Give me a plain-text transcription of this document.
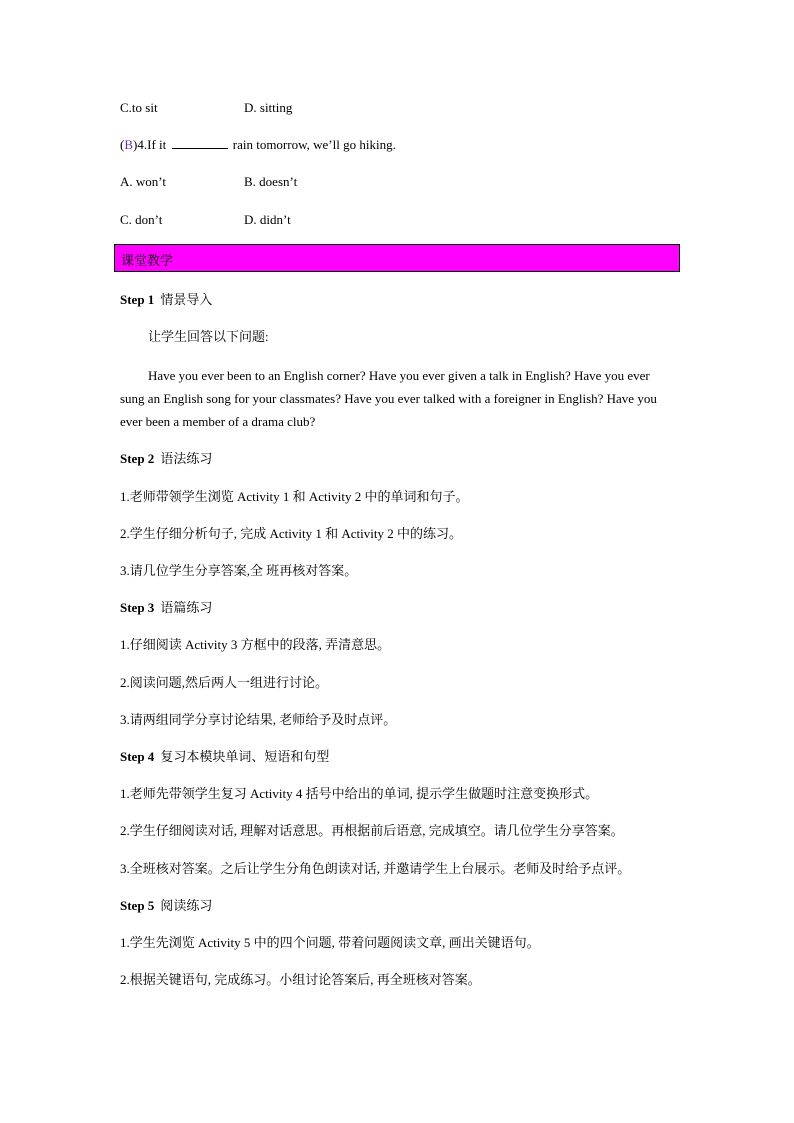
C.to sit	D. sitting
(B)4.If it	rain tomorrow, we’ll go hiking.
A. won’t	B. doesn’t
C. don’t	D. didn’t
课堂教学
Step 1 情景导入
让学生回答以下问题:
Have you ever been to an English corner? Have you ever given a talk in English? Have you ever sung an English song for your classmates? Have you ever talked with a foreigner in English? Have you ever been a member of a drama club?
Step 2 语法练习
1.老师带领学生浏览 Activity 1 和 Activity 2 中的单词和句子。
2.学生仔细分析句子, 完成 Activity 1 和 Activity 2 中的练习。
3.请几位学生分享答案,全 班再核对答案。
Step 3 语篇练习
1.仔细阅读 Activity 3 方框中的段落, 弄清意思。
2.阅读问题,然后两人一组进行讨论。
3.请两组同学分享讨论结果, 老师给予及时点评。
Step 4 复习本模块单词、短语和句型
1.老师先带领学生复习 Activity 4 括号中给出的单词, 提示学生做题时注意变换形式。
2.学生仔细阅读对话, 理解对话意思。再根据前后语意, 完成填空。请几位学生分享答案。
3.全班核对答案。之后让学生分角色朗读对话, 并邀请学生上台展示。老师及时给予点评。
Step 5 阅读练习
1.学生先浏览 Activity 5 中的四个问题, 带着问题阅读文章, 画出关键语句。
2.根据关键语句, 完成练习。小组讨论答案后, 再全班核对答案。
